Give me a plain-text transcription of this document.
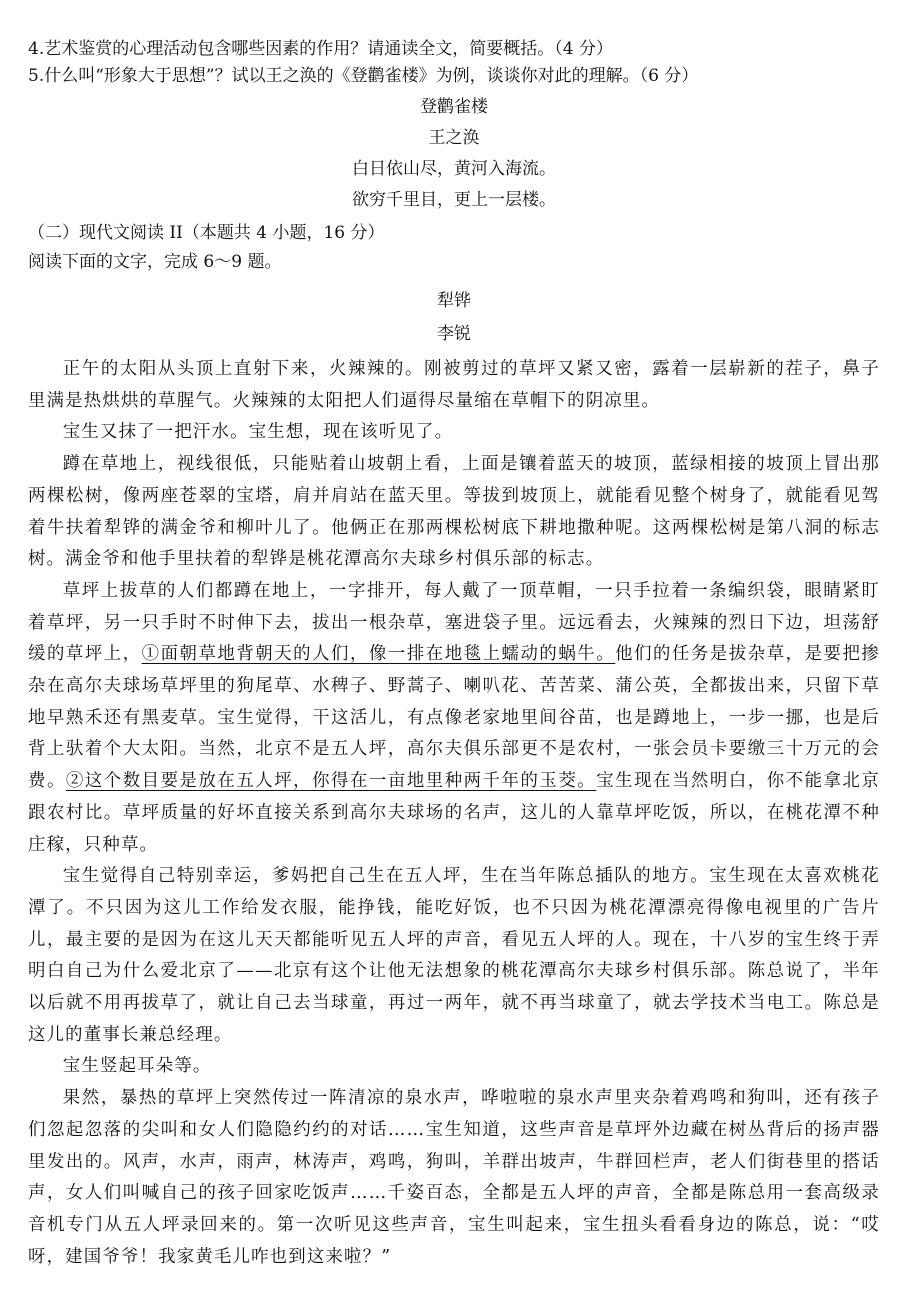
4.艺术鉴赏的心理活动包含哪些因素的作用？请通读全文，简要概括。（4 分）

5.什么叫“形象大于思想”？试以王之涣的《登鹳雀楼》为例，谈谈你对此的理解。（6 分）

登鹳雀楼

王之涣

白日依山尽，黄河入海流。

欲穷千里目，更上一层楼。

（二）现代文阅读 II（本题共 4 小题，16 分）

阅读下面的文字，完成 6～9 题。

犁铧

李锐

正午的太阳从头顶上直射下来，火辣辣的。刚被剪过的草坪又紧又密，露着一层崭新的茬子，鼻子里满是热烘烘的草腥气。火辣辣的太阳把人们逼得尽量缩在草帽下的阴凉里。

宝生又抹了一把汗水。宝生想，现在该听见了。

蹲在草地上，视线很低，只能贴着山坡朝上看，上面是镶着蓝天的坡顶，蓝绿相接的坡顶上冒出那两棵松树，像两座苍翠的宝塔，肩并肩站在蓝天里。等拔到坡顶上，就能看见整个树身了，就能看见驾着牛扶着犁铧的满金爷和柳叶儿了。他俩正在那两棵松树底下耕地撒种呢。这两棵松树是第八洞的标志树。满金爷和他手里扶着的犁铧是桃花潭高尔夫球乡村俱乐部的标志。

草坪上拔草的人们都蹲在地上，一字排开，每人戴了一顶草帽，一只手拉着一条编织袋，眼睛紧盯着草坪，另一只手时不时伸下去，拔出一根杂草，塞进袋子里。远远看去，火辣辣的烈日下边，坦荡舒缓的草坪上，①面朝草地背朝天的人们，像一排在地毯上蠕动的蜗牛。他们的任务是拔杂草，是要把掺杂在高尔夫球场草坪里的狗尾草、水稗子、野蒿子、喇叭花、苦苦菜、蒲公英，全都拔出来，只留下草地早熟禾还有黑麦草。宝生觉得，干这活儿，有点像老家地里间谷苗，也是蹲地上，一步一挪，也是后背上驮着个大太阳。当然，北京不是五人坪，高尔夫俱乐部更不是农村，一张会员卡要缴三十万元的会费。②这个数目要是放在五人坪，你得在一亩地里种两千年的玉茭。宝生现在当然明白，你不能拿北京跟农村比。草坪质量的好坏直接关系到高尔夫球场的名声，这儿的人靠草坪吃饭，所以，在桃花潭不种庄稼，只种草。

宝生觉得自己特别幸运，爹妈把自己生在五人坪，生在当年陈总插队的地方。宝生现在太喜欢桃花潭了。不只因为这儿工作给发衣服，能挣钱，能吃好饭，也不只因为桃花潭漂亮得像电视里的广告片儿，最主要的是因为在这儿天天都能听见五人坪的声音，看见五人坪的人。现在，十八岁的宝生终于弄明白自己为什么爱北京了——北京有这个让他无法想象的桃花潭高尔夫球乡村俱乐部。陈总说了，半年以后就不用再拔草了，就让自己去当球童，再过一两年，就不再当球童了，就去学技术当电工。陈总是这儿的董事长兼总经理。

宝生竖起耳朵等。

果然，暴热的草坪上突然传过一阵清凉的泉水声，哗啦啦的泉水声里夹杂着鸡鸣和狗叫，还有孩子们忽起忽落的尖叫和女人们隐隐约约的对话……宝生知道，这些声音是草坪外边藏在树丛背后的扬声器里发出的。风声，水声，雨声，林涛声，鸡鸣，狗叫，羊群出坡声，牛群回栏声，老人们街巷里的搭话声，女人们叫喊自己的孩子回家吃饭声……千姿百态，全都是五人坪的声音，全都是陈总用一套高级录音机专门从五人坪录回来的。第一次听见这些声音，宝生叫起来，宝生扭头看看身边的陈总，说：“哎呀，建国爷爷！我家黄毛儿咋也到这来啦？”
